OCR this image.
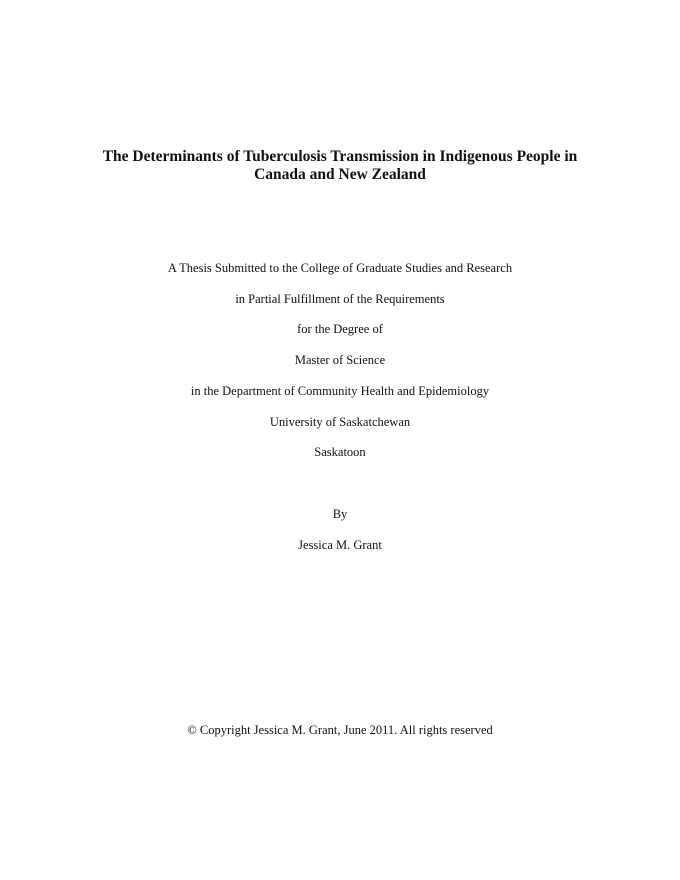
The Determinants of Tuberculosis Transmission in Indigenous People in
Canada and New Zealand
A Thesis Submitted to the College of Graduate Studies and Research
in Partial Fulfillment of the Requirements
for the Degree of
Master of Science
in the Department of Community Health and Epidemiology
University of Saskatchewan
Saskatoon
By
Jessica M. Grant
© Copyright Jessica M. Grant, June 2011. All rights reserved
